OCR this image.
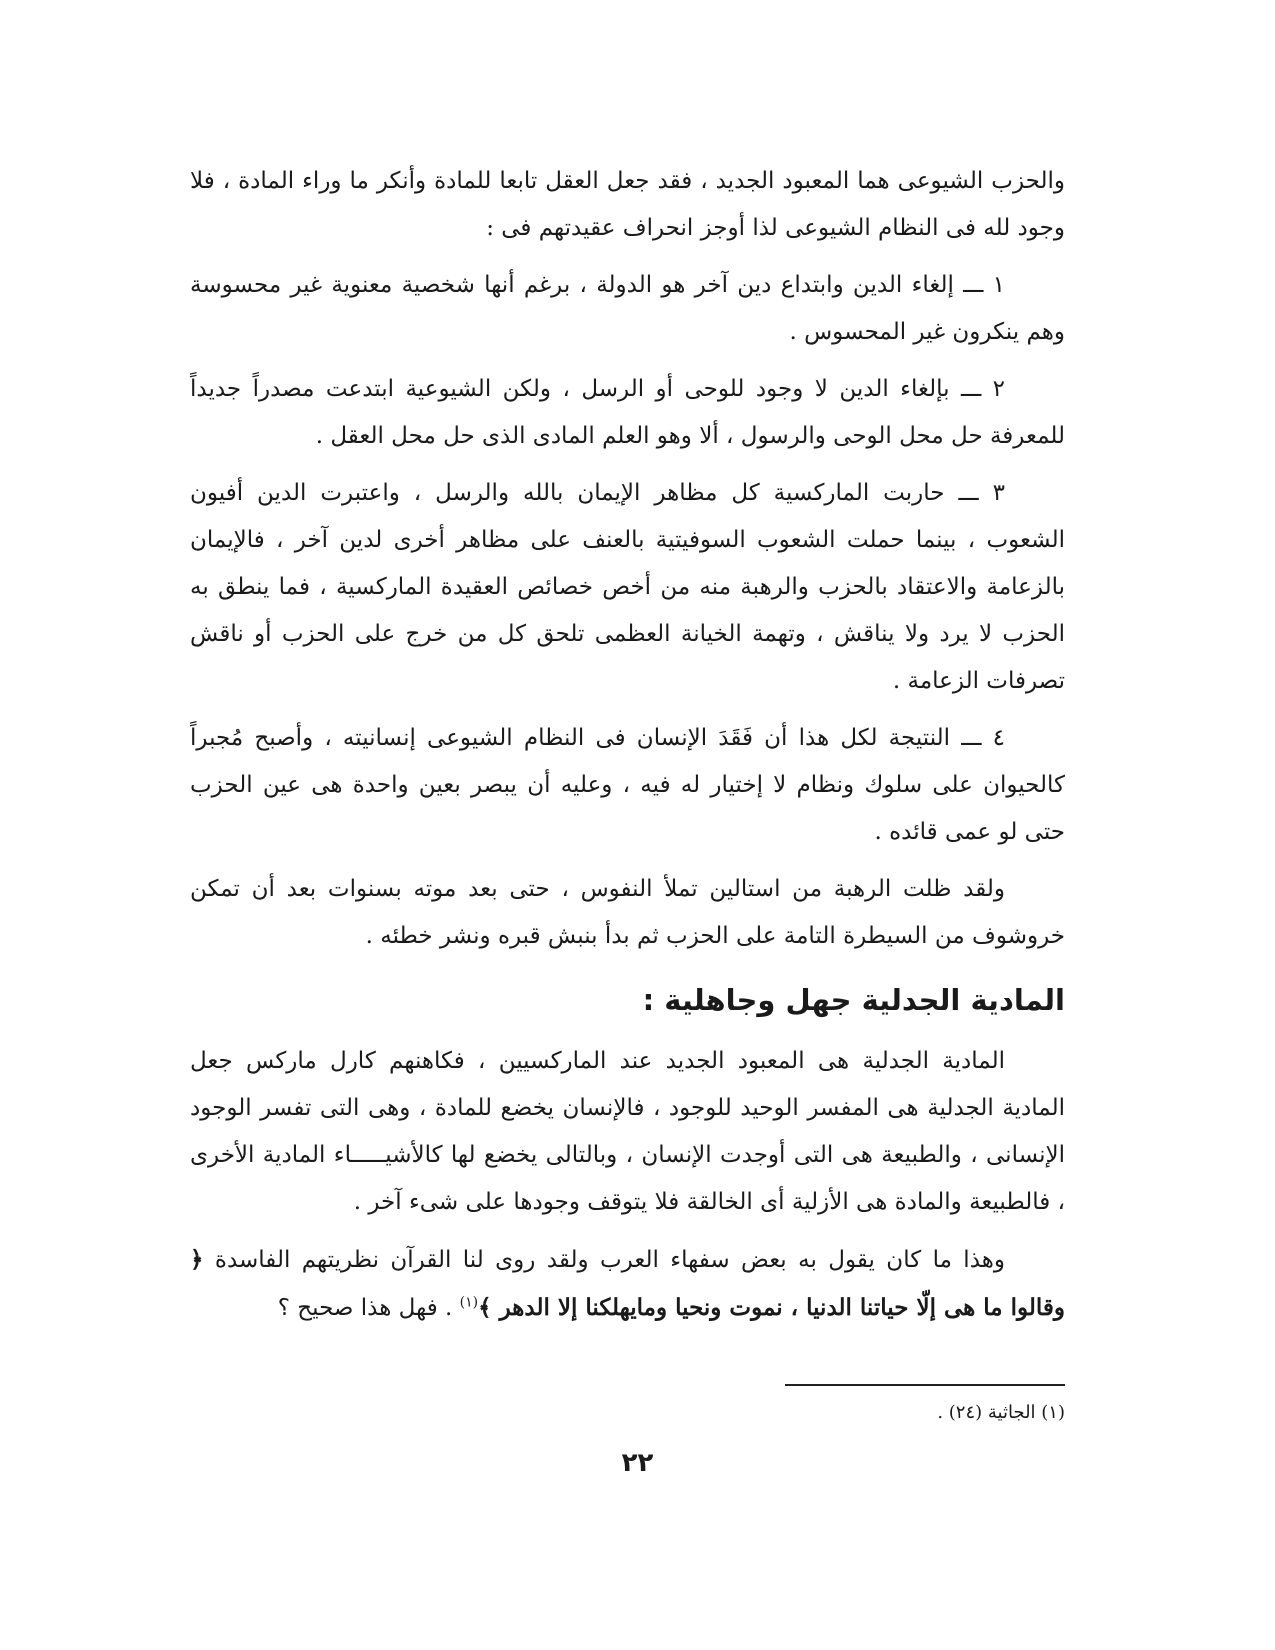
والحزب الشيوعى هما المعبود الجديد ، فقد جعل العقل تابعا للمادة وأنكر ما وراء المادة ، فلا وجود لله فى النظام الشيوعى لذا أوجز انحراف عقيدتهم فى :

١ ـــ إلغاء الدين وابتداع دين آخر هو الدولة ، برغم أنها شخصية معنوية غير محسوسة وهم ينكرون غير المحسوس .

٢ ـــ بإلغاء الدين لا وجود للوحى أو الرسل ، ولكن الشيوعية ابتدعت مصدراً جديداً للمعرفة حل محل الوحى والرسول ، ألا وهو العلم المادى الذى حل محل العقل .

٣ ـــ حاربت الماركسية كل مظاهر الإيمان بالله والرسل ، واعتبرت الدين أفيون الشعوب ، بينما حملت الشعوب السوفيتية بالعنف على مظاهر أخرى لدين آخر ، فالإيمان بالزعامة والاعتقاد بالحزب والرهبة منه من أخص خصائص العقيدة الماركسية ، فما ينطق به الحزب لا يرد ولا يناقش ، وتهمة الخيانة العظمى تلحق كل من خرج على الحزب أو ناقش تصرفات الزعامة .

٤ ـــ النتيجة لكل هذا أن فَقَدَ الإنسان فى النظام الشيوعى إنسانيته ، وأصبح مُجبراً كالحيوان على سلوك ونظام لا إختيار له فيه ، وعليه أن يبصر بعين واحدة هى عين الحزب حتى لو عمى قائده .

ولقد ظلت الرهبة من استالين تملأ النفوس ، حتى بعد موته بسنوات بعد أن تمكن خروشوف من السيطرة التامة على الحزب ثم بدأ بنبش قبره ونشر خطئه .

المادية الجدلية جهل وجاهلية :

المادية الجدلية هى المعبود الجديد عند الماركسيين ، فكاهنهم كارل ماركس جعل المادية الجدلية هى المفسر الوحيد للوجود ، فالإنسان يخضع للمادة ، وهى التى تفسر الوجود الإنسانى ، والطبيعة هى التى أوجدت الإنسان ، وبالتالى يخضع لها كالأشيـــــاء المادية الأخرى ، فالطبيعة والمادة هى الأزلية أى الخالقة فلا يتوقف وجودها على شىء آخر .

وهذا ما كان يقول به بعض سفهاء العرب ولقد روى لنا القرآن نظريتهم الفاسدة ﴿ وقالوا ما هى إلّا حياتنا الدنيا ، نموت ونحيا ومايهلكنا إلا الدهر ﴾$^{(١)}$ . فهل هذا صحيح ؟

(١) الجاثية (٢٤) .
٢٢
